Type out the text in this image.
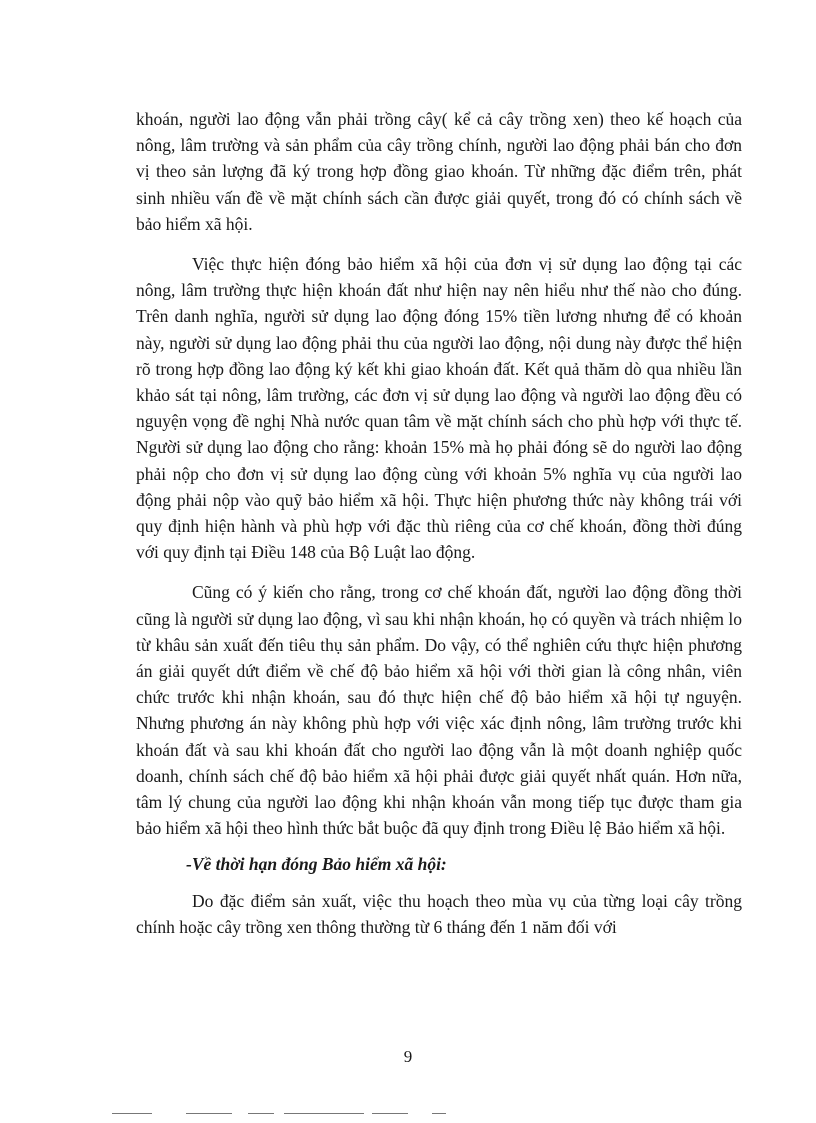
khoán, người lao động vẫn phải trồng cây( kể cả cây trồng xen) theo kế hoạch của nông, lâm trường và sản phẩm của cây trồng chính, người lao động phải bán cho đơn vị theo sản lượng đã ký trong hợp đồng giao khoán. Từ những đặc điểm trên, phát sinh nhiều vấn đề về mặt chính sách cần được giải quyết, trong đó có chính sách về bảo hiểm xã hội.

Việc thực hiện đóng bảo hiểm xã hội của đơn vị sử dụng lao động tại các nông, lâm trường thực hiện khoán đất như hiện nay nên hiểu như thế nào cho đúng. Trên danh nghĩa, người sử dụng lao động đóng 15% tiền lương nhưng để có khoản này, người sử dụng lao động phải thu của người lao động, nội dung này được thể hiện rõ trong hợp đồng lao động ký kết khi giao khoán đất. Kết quả thăm dò qua nhiều lần khảo sát tại nông, lâm trường, các đơn vị sử dụng lao động và người lao động đều có nguyện vọng đề nghị Nhà nước quan tâm về mặt chính sách cho phù hợp với thực tế. Người sử dụng lao động cho rằng: khoản 15% mà họ phải đóng sẽ do người lao động phải nộp cho đơn vị sử dụng lao động cùng với khoản 5% nghĩa vụ của người lao động phải nộp vào quỹ bảo hiểm xã hội. Thực hiện phương thức này không trái với quy định hiện hành và phù hợp với đặc thù riêng của cơ chế khoán, đồng thời đúng với quy định tại Điều 148 của Bộ Luật lao động.

Cũng có ý kiến cho rằng, trong cơ chế khoán đất, người lao động đồng thời cũng là người sử dụng lao động, vì sau khi nhận khoán, họ có quyền và trách nhiệm lo từ khâu sản xuất đến tiêu thụ sản phẩm. Do vậy, có thể nghiên cứu thực hiện phương án giải quyết dứt điểm về chế độ bảo hiểm xã hội với thời gian là công nhân, viên chức trước khi nhận khoán, sau đó thực hiện chế độ bảo hiểm xã hội tự nguyện. Nhưng phương án này không phù hợp với việc xác định nông, lâm trường trước khi khoán đất và sau khi khoán đất cho người lao động vẫn là một doanh nghiệp quốc doanh, chính sách chế độ bảo hiểm xã hội phải được giải quyết nhất quán. Hơn nữa, tâm lý chung của người lao động khi nhận khoán vẫn mong tiếp tục được tham gia bảo hiểm xã hội theo hình thức bắt buộc đã quy định trong Điều lệ Bảo hiểm xã hội.

-Về thời hạn đóng Bảo hiểm xã hội:

Do đặc điểm sản xuất, việc thu hoạch theo mùa vụ của từng loại cây trồng chính hoặc cây trồng xen thông thường từ 6 tháng đến 1 năm đối với

9
